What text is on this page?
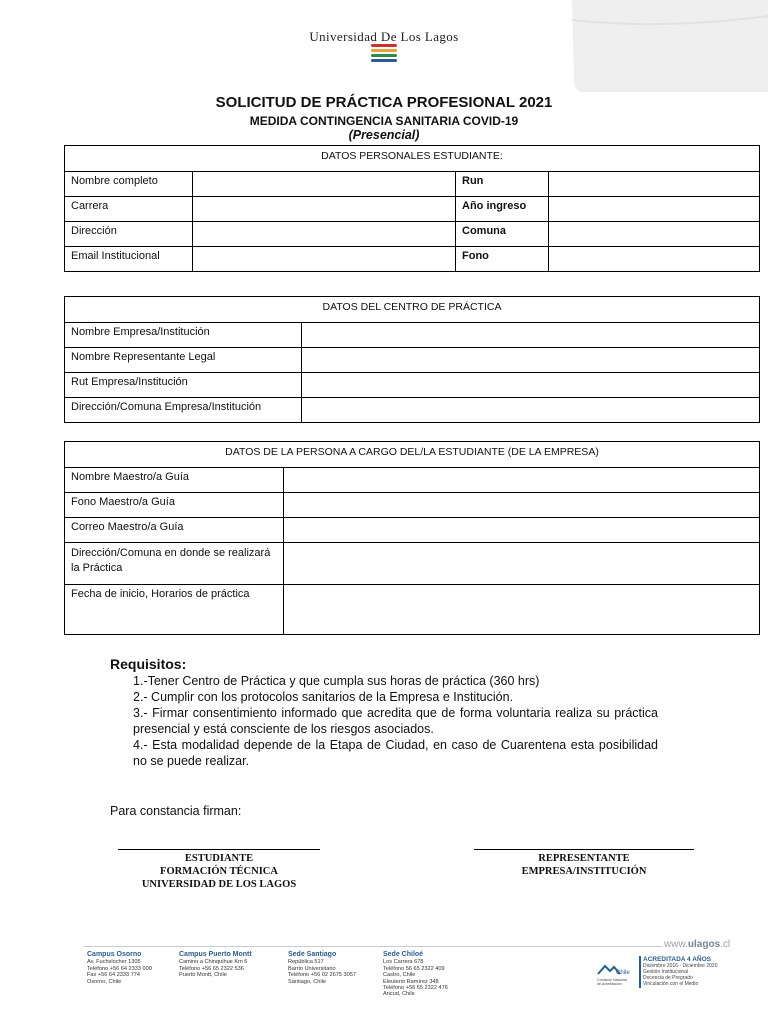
Universidad De Los Lagos
SOLICITUD DE PRÁCTICA PROFESIONAL 2021
MEDIDA CONTINGENCIA SANITARIA COVID-19
(Presencial)
DATOS PERSONALES ESTUDIANTE:			
Nombre completo		Run	
Carrera		Año ingreso	
Dirección		Comuna	
Email Institucional		Fono	
DATOS DEL CENTRO DE PRÁCTICA	
Nombre Empresa/Institución	
Nombre Representante Legal	
Rut Empresa/Institución	
Dirección/Comuna Empresa/Institución	
DATOS DE LA PERSONA A CARGO DEL/LA ESTUDIANTE (DE LA EMPRESA)	
Nombre Maestro/a Guía	
Fono Maestro/a Guía	
Correo Maestro/a Guía	
Dirección/Comuna en donde se realizará la Práctica	
Fecha de inicio, Horarios de práctica	
Requisitos:
1.-Tener Centro de Práctica y que cumpla sus horas de práctica (360 hrs)
2.- Cumplir con los protocolos sanitarios de la Empresa e Institución.
3.- Firmar consentimiento informado que acredita que de forma voluntaria realiza su práctica presencial y está consciente de los riesgos asociados.
4.- Esta modalidad depende de la Etapa de Ciudad, en caso de Cuarentena esta posibilidad no se puede realizar.
Para constancia firman:
ESTUDIANTE
FORMACIÓN TÉCNICA
UNIVERSIDAD DE LOS LAGOS
REPRESENTANTE
EMPRESA/INSTITUCIÓN
www.ulagos.cl
Campus Osorno
Av. Fuchslocher 1305
Teléfono +56 64 2333 000
Fax +56 64 2333 774
Osorno, Chile
Campus Puerto Montt
Camino a Chinquihue Km 6
Teléfono +56 65 2322 536
Puerto Montt, Chile
Sede Santiago
República 517
Barrio Universitario
Teléfono +56 02 2675 3057
Santiago, Chile
Sede Chiloé
Los Carrera 678
Teléfono 56 65 2322 409
Castro, Chile
Eleuterio Ramírez 348
Teléfono +56 65 2322 476
Ancud, Chile
Chile
Comisión Nacional
de Acreditación
ACREDITADA 4 AÑOS
Diciembre 2016 - Diciembre 2020
Gestión Institucional
Docencia de Pregrado
Vinculación con el Medio
